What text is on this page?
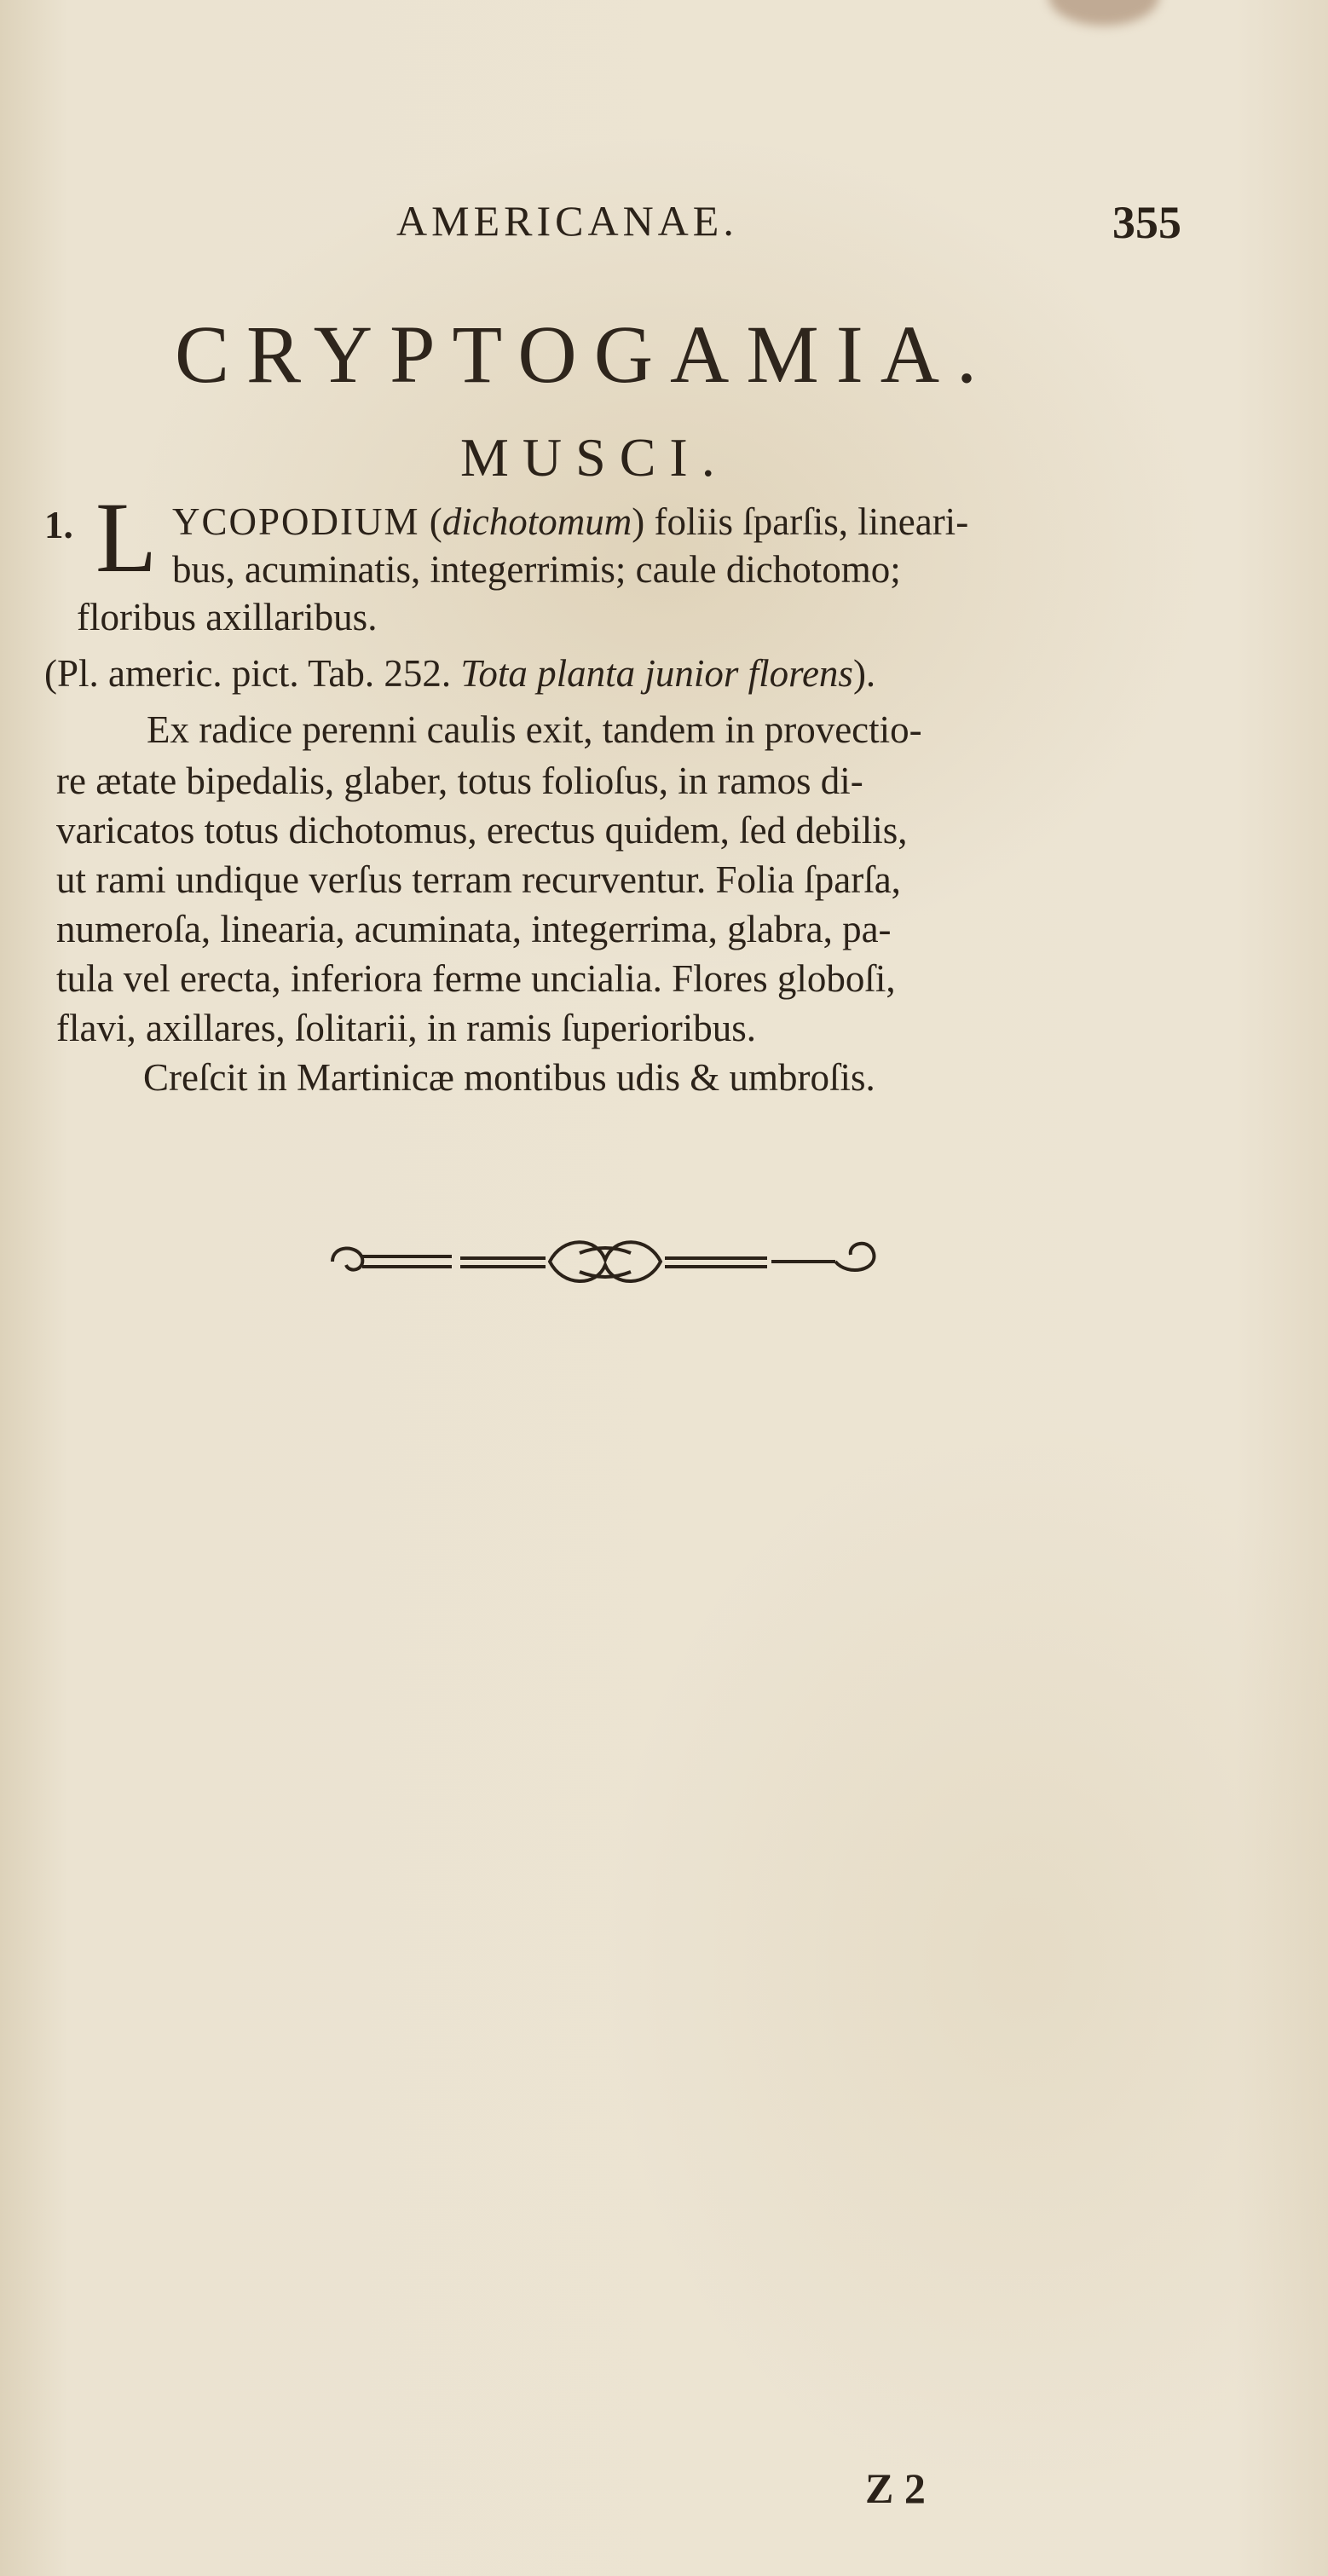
AMERICANAE.	355
CRYPTOGAMIA.
MUSCI.
1. L YCOPODIUM (dichotomum) foliis ſparſis, lineari-
bus, acuminatis, integerrimis; caule dichotomo;
floribus axillaribus.
(Pl. americ. pict. Tab. 252. Tota planta junior florens).
Ex radice perenni caulis exit, tandem in provectio-
re ætate bipedalis, glaber, totus folioſus, in ramos di-
varicatos totus dichotomus, erectus quidem, ſed debilis,
ut rami undique verſus terram recurventur. Folia ſparſa,
numeroſa, linearia, acuminata, integerrima, glabra, pa-
tula vel erecta, inferiora ferme uncialia. Flores globoſi,
flavi, axillares, ſolitarii, in ramis ſuperioribus.
Creſcit in Martinicæ montibus udis & umbroſis.
Z 2
